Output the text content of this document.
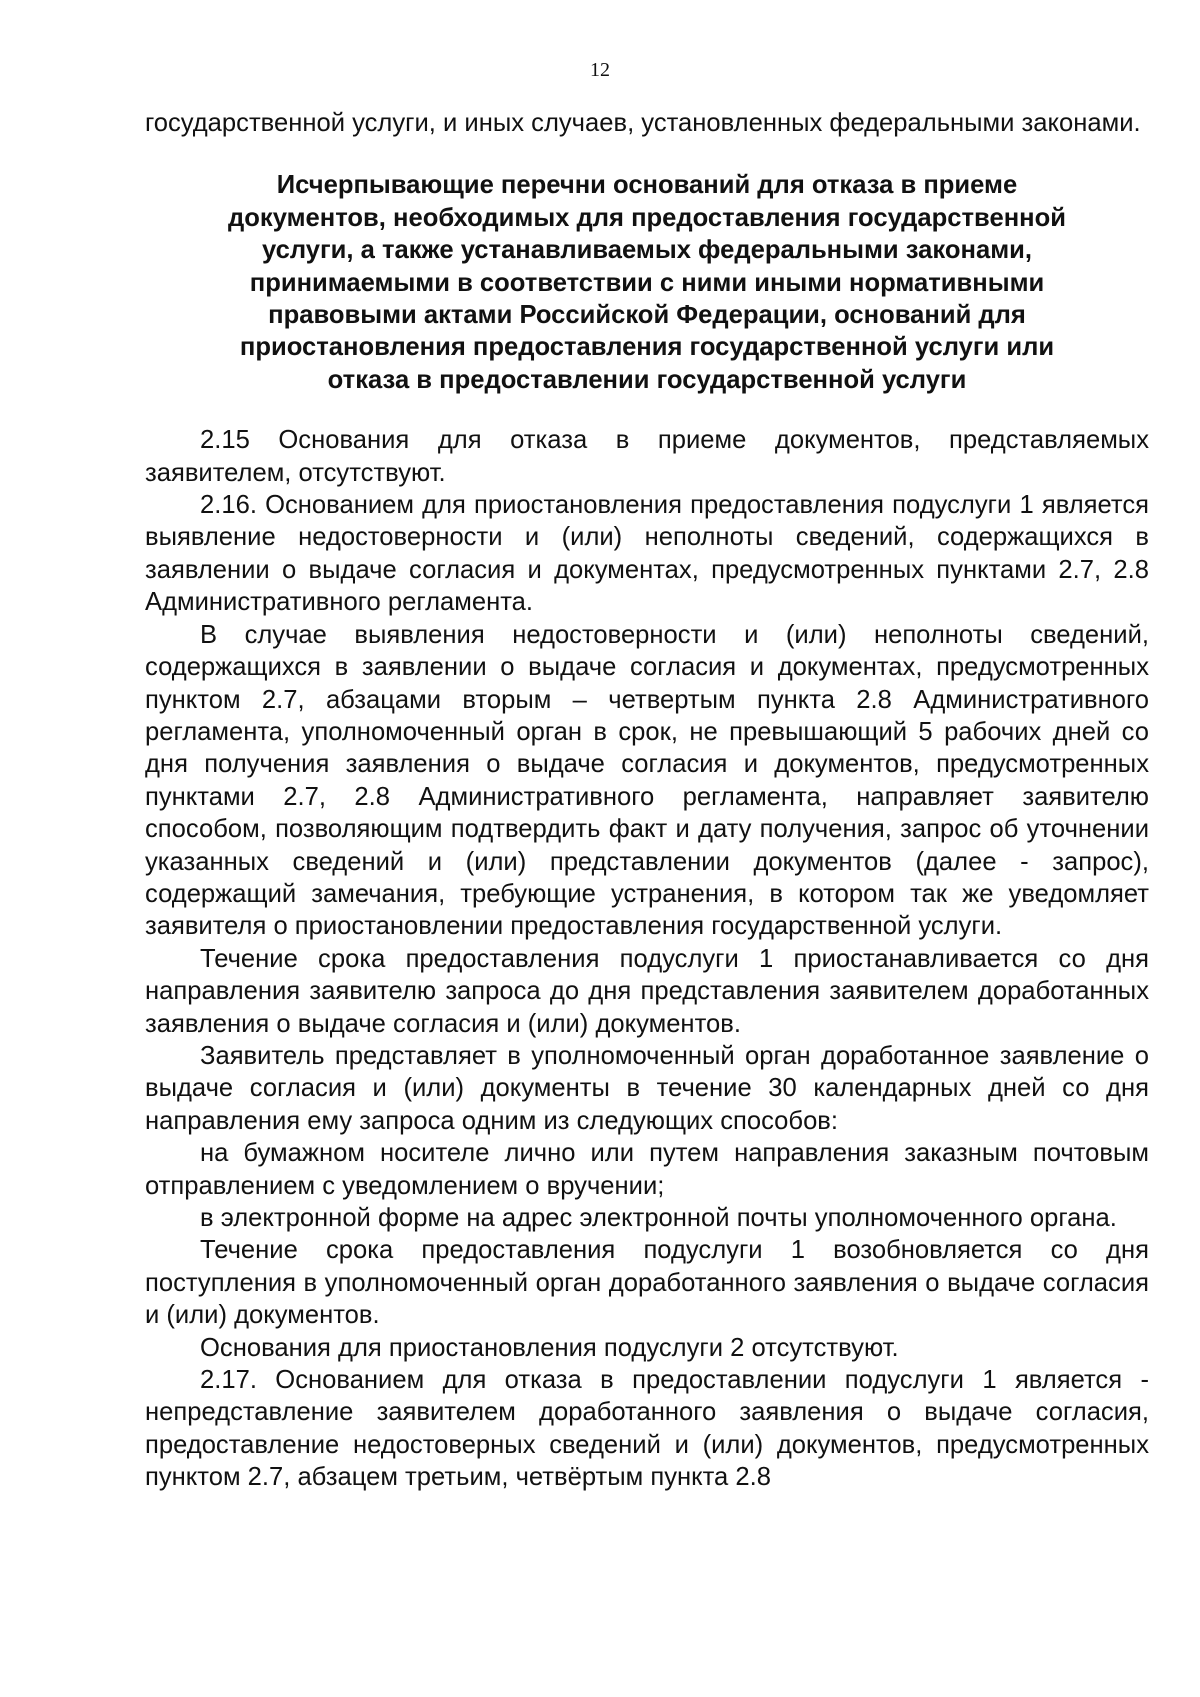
12

государственной услуги, и иных случаев, установленных федеральными законами.

Исчерпывающие перечни оснований для отказа в приеме
документов, необходимых для предоставления государственной
услуги, а также устанавливаемых федеральными законами,
принимаемыми в соответствии с ними иными нормативными
правовыми актами Российской Федерации, оснований для
приостановления предоставления государственной услуги или
отказа в предоставлении государственной услуги

2.15 Основания для отказа в приеме документов, представляемых заявителем, отсутствуют.

2.16. Основанием для приостановления предоставления подуслуги 1 является выявление недостоверности и (или) неполноты сведений, содержащихся в заявлении о выдаче согласия и документах, предусмотренных пунктами 2.7, 2.8 Административного регламента.

В случае выявления недостоверности и (или) неполноты сведений, содержащихся в заявлении о выдаче согласия и документах, предусмотренных пунктом 2.7, абзацами вторым – четвертым пункта 2.8 Административного регламента, уполномоченный орган в срок, не превышающий 5 рабочих дней со дня получения заявления о выдаче согласия и документов, предусмотренных пунктами 2.7, 2.8 Административного регламента, направляет заявителю способом, позволяющим подтвердить факт и дату получения, запрос об уточнении указанных сведений и (или) представлении документов (далее - запрос), содержащий замечания, требующие устранения, в котором так же уведомляет заявителя о приостановлении предоставления государственной услуги.

Течение срока предоставления подуслуги 1 приостанавливается со дня направления заявителю запроса до дня представления заявителем доработанных заявления о выдаче согласия и (или) документов.

Заявитель представляет в уполномоченный орган доработанное заявление о выдаче согласия и (или) документы в течение 30 календарных дней со дня направления ему запроса одним из следующих способов:

на бумажном носителе лично или путем направления заказным почтовым отправлением с уведомлением о вручении;

в электронной форме на адрес электронной почты уполномоченного органа.

Течение срока предоставления подуслуги 1 возобновляется со дня поступления в уполномоченный орган доработанного заявления о выдаче согласия и (или) документов.

Основания для приостановления подуслуги 2 отсутствуют.

2.17. Основанием для отказа в предоставлении подуслуги 1 является - непредставление заявителем доработанного заявления о выдаче согласия, предоставление недостоверных сведений и (или) документов, предусмотренных пунктом 2.7, абзацем третьим, четвёртым пункта 2.8
